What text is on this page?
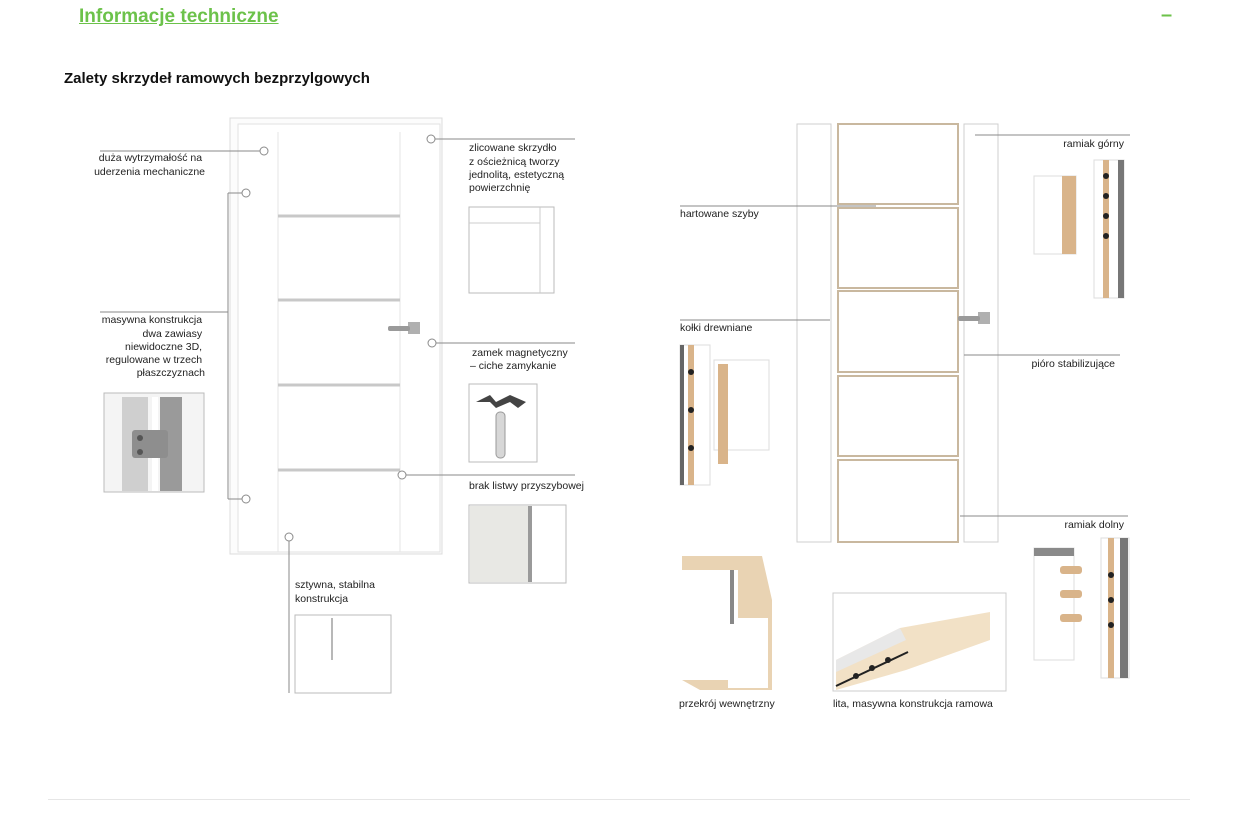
Informacje techniczne	–
Zalety skrzydeł ramowych bezprzylgowych
duża wytrzymałość na uderzenia mechaniczne
masywna konstrukcja dwa zawiasy niewidoczne 3D, regulowane w trzech płaszczyznach
zlicowane skrzydło z ościeżnicą tworzy jednolitą, estetyczną powierzchnię
zamek magnetyczny – ciche zamykanie
brak listwy przyszybowej
sztywna, stabilna konstrukcja
ramiak górny
hartowane szyby
kołki drewniane
pióro stabilizujące
ramiak dolny
przekrój wewnętrzny	lita, masywna konstrukcja ramowa
